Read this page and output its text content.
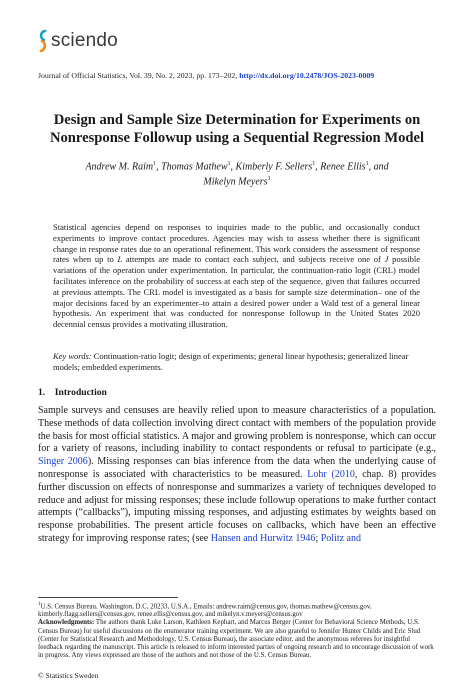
sciendo
Journal of Official Statistics, Vol. 39, No. 2, 2023, pp. 173–202, http://dx.doi.org/10.2478/JOS-2023-0009
Design and Sample Size Determination for Experiments on
Nonresponse Followup using a Sequential Regression Model
Andrew M. Raim$^1$, Thomas Mathew$^1$, Kimberly F. Sellers$^1$, Renee Ellis$^1$, and
Mikelyn Meyers$^1$
Statistical agencies depend on responses to inquiries made to the public, and occasionally conduct experiments to improve contact procedures. Agencies may wish to assess whether there is significant change in response rates due to an operational refinement. This work considers the assessment of response rates when up to L attempts are made to contact each subject, and subjects receive one of J possible variations of the operation under experimentation. In particular, the continuation-ratio logit (CRL) model facilitates inference on the probability of success at each step of the sequence, given that failures occurred at previous attempts. The CRL model is investigated as a basis for sample size determination– one of the major decisions faced by an experimenter–to attain a desired power under a Wald test of a general linear hypothesis. An experiment that was conducted for nonresponse followup in the United States 2020 decennial census provides a motivating illustration.
Key words: Continuation-ratio logit; design of experiments; general linear hypothesis; generalized linear models; embedded experiments.
1. Introduction
Sample surveys and censuses are heavily relied upon to measure characteristics of a population. These methods of data collection involving direct contact with members of the population provide the basis for most official statistics. A major and growing problem is nonresponse, which can occur for a variety of reasons, including inability to contact respondents or refusal to participate (e.g., Singer 2006). Missing responses can bias inference from the data when the underlying cause of nonresponse is associated with characteristics to be measured. Lohr (2010, chap. 8) provides further discussion on effects of nonresponse and summarizes a variety of techniques developed to reduce and adjust for missing responses; these include followup operations to make further contact attempts (“callbacks”), imputing missing responses, and adjusting estimates by weights based on response probabilities. The present article focuses on callbacks, which have been an effective strategy for improving response rates; (see Hansen and Hurwitz 1946; Politz and
$^1$U.S. Census Bureau, Washington, D.C, 20233, U.S.A., Emails: andrew.raim@census.gov, thomas.mathew@census.gov, kimberly.flagg.sellers@census.gov, renee.ellis@census.gov, and mikelyn.v.meyers@census.gov
Acknowledgments: The authors thank Luke Larson, Kathleen Kephart, and Marcus Berger (Center for Behavioral Science Methods, U.S. Census Bureau) for useful discussions on the enumerator training experiment. We are also grateful to Jennifer Hunter Childs and Eric Slud (Center for Statistical Research and Methodology, U.S. Census Bureau), the associate editor, and the anonymous referees for insightful feedback regarding the manuscript. This article is released to inform interested parties of ongoing research and to encourage discussion of work in progress. Any views expressed are those of the authors and not those of the U.S. Census Bureau.
© Statistics Sweden
